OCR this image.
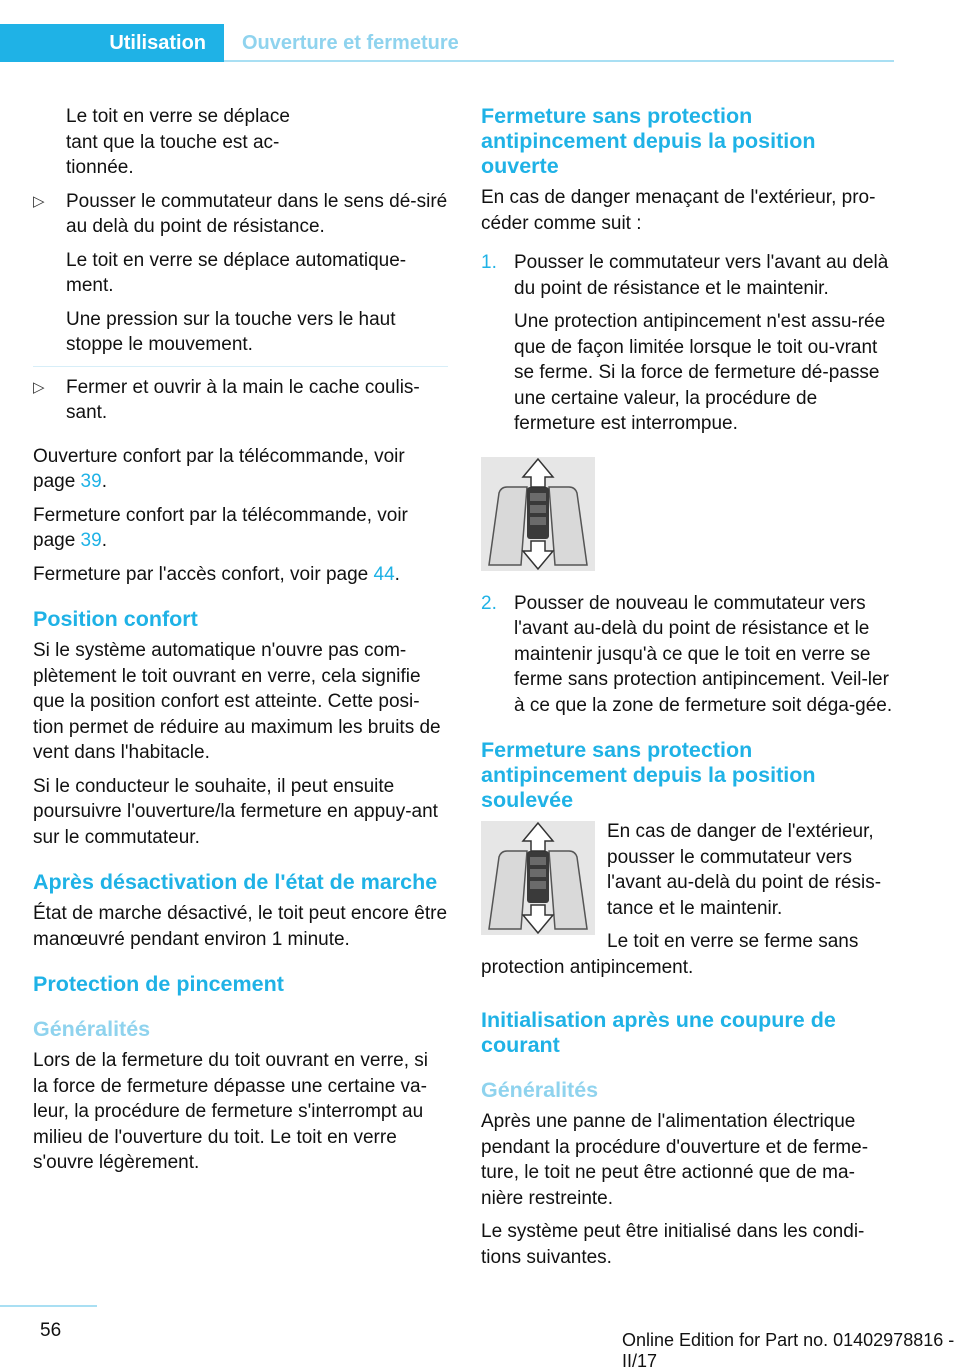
Utilisation Ouverture et fermeture

Le toit en verre se déplace tant que la touche est ac-tionnée.

▷ Pousser le commutateur dans le sens dé-siré au delà du point de résistance.
Le toit en verre se déplace automatique-ment.
Une pression sur la touche vers le haut stoppe le mouvement.
▷ Fermer et ouvrir à la main le cache coulis-sant.

Ouverture confort par la télécommande, voir page 39.

Fermeture confort par la télécommande, voir page 39.

Fermeture par l'accès confort, voir page 44.

Position confort

Si le système automatique n'ouvre pas com-plètement le toit ouvrant en verre, cela signifie que la position confort est atteinte. Cette posi-tion permet de réduire au maximum les bruits de vent dans l'habitacle.

Si le conducteur le souhaite, il peut ensuite poursuivre l'ouverture/la fermeture en appuy-ant sur le commutateur.

Après désactivation de l'état de marche

État de marche désactivé, le toit peut encore être manœuvré pendant environ 1 minute.

Protection de pincement
Généralités

Lors de la fermeture du toit ouvrant en verre, si la force de fermeture dépasse une certaine va-leur, la procédure de fermeture s'interrompt au milieu de l'ouverture du toit. Le toit en verre s'ouvre légèrement.

Fermeture sans protection antipincement depuis la position ouverte

En cas de danger menaçant de l'extérieur, pro-céder comme suit :

1. Pousser le commutateur vers l'avant au delà du point de résistance et le maintenir.
Une protection antipincement n'est assu-rée que de façon limitée lorsque le toit ou-vrant se ferme. Si la force de fermeture dé-passe une certaine valeur, la procédure de fermeture est interrompue.
2. Pousser de nouveau le commutateur vers l'avant au-delà du point de résistance et le maintenir jusqu'à ce que le toit en verre se ferme sans protection antipincement. Veil-ler à ce que la zone de fermeture soit déga-gée.
Fermeture sans protection antipincement depuis la position soulevée

En cas de danger de l'extérieur, pousser le commutateur vers l'avant au-delà du point de résis-tance et le maintenir.

Le toit en verre se ferme sans protection antipincement.

Initialisation après une coupure de courant
Généralités

Après une panne de l'alimentation électrique pendant la procédure d'ouverture et de ferme-ture, le toit ne peut être actionné que de ma-nière restreinte.

Le système peut être initialisé dans les condi-tions suivantes.

56	Online Edition for Part no. 01402978816 - II/17
